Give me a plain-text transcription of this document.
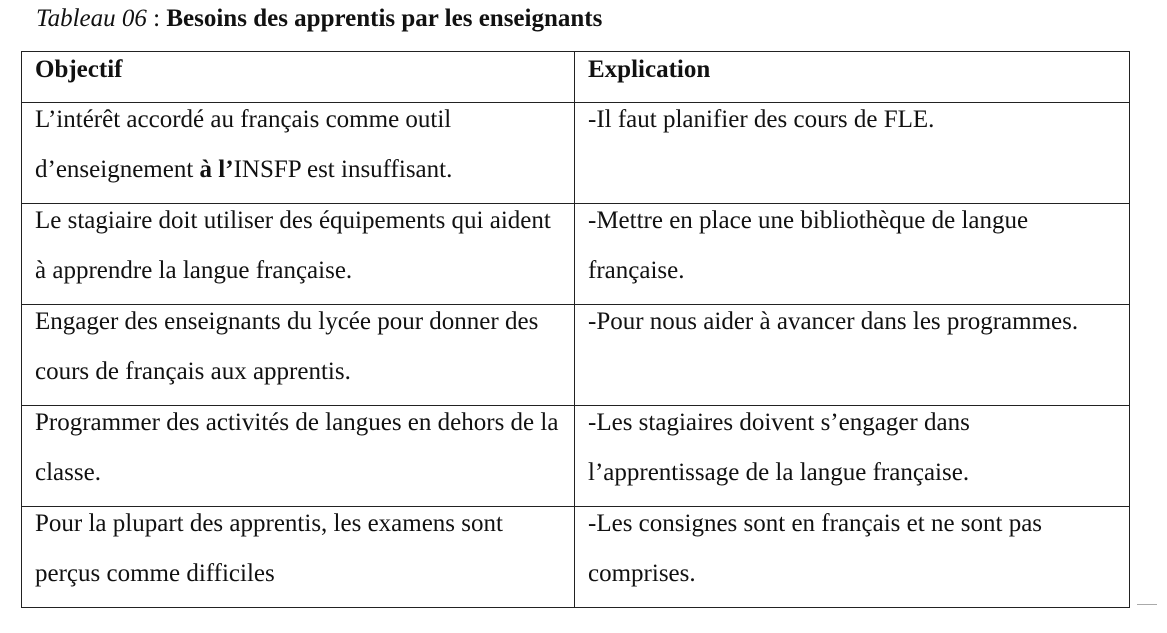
Tableau 06 : Besoins des apprentis par les enseignants
Objectif	Explication

L’intérêt accordé au français comme outil d’enseignement à l’INSFP est insuffisant.	-Il faut planifier des cours de FLE.

Le stagiaire doit utiliser des équipements qui aident à apprendre la langue française.	-Mettre en place une bibliothèque de langue française.

Engager des enseignants du lycée pour donner des cours de français aux apprentis.	-Pour nous aider à avancer dans les programmes.

Programmer des activités de langues en dehors de la classe.	-Les stagiaires doivent s’engager dans l’apprentissage de la langue française.

Pour la plupart des apprentis, les examens sont perçus comme difficiles	-Les consignes sont en français et ne sont pas comprises.
